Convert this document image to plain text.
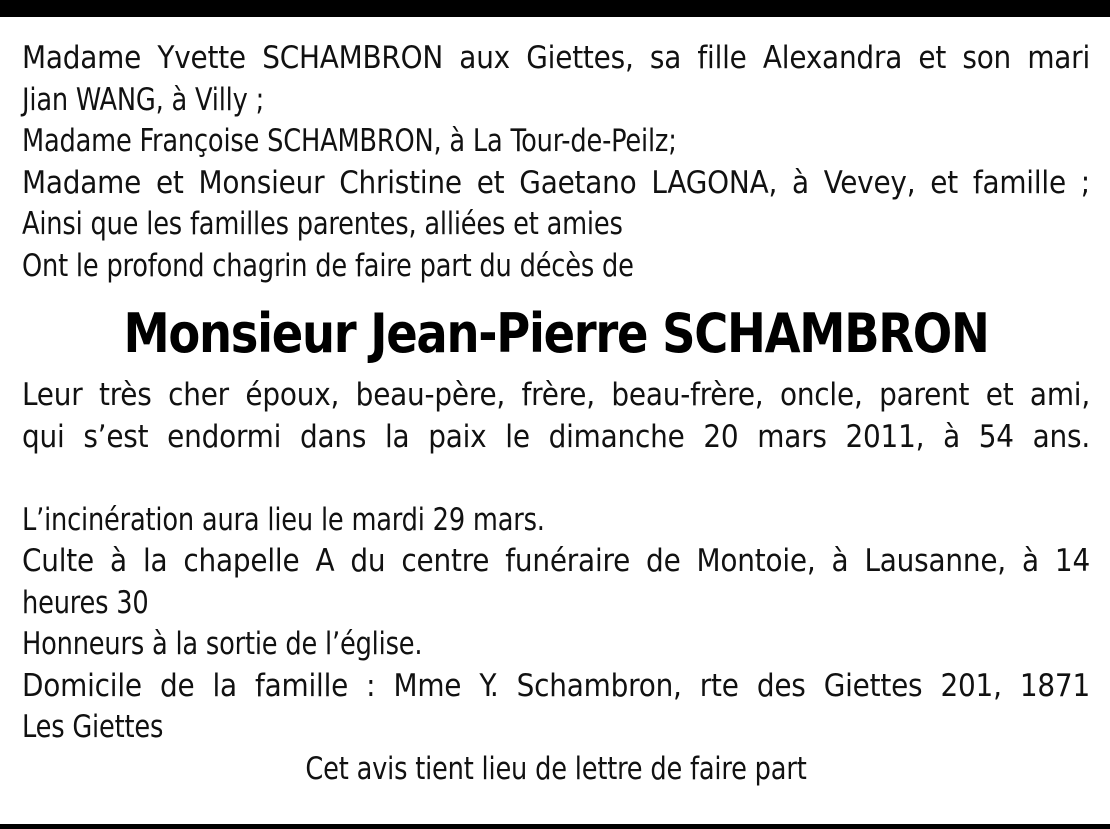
Madame Yvette SCHAMBRON aux Giettes, sa fille Alexandra et son mari
Jian WANG, à Villy ;
Madame Françoise SCHAMBRON, à La Tour-de-Peilz;
Madame et Monsieur Christine et Gaetano LAGONA, à Vevey, et famille ;
Ainsi que les familles parentes, alliées et amies
Ont le profond chagrin de faire part du décès de
Monsieur Jean-Pierre SCHAMBRON
Leur très cher époux, beau-père, frère, beau-frère, oncle, parent et ami,
qui s’est endormi dans la paix le dimanche 20 mars 2011, à 54 ans.
L’incinération aura lieu le mardi 29 mars.
Culte à la chapelle A du centre funéraire de Montoie, à Lausanne, à 14
heures 30
Honneurs à la sortie de l’église.
Domicile de la famille : Mme Y. Schambron, rte des Giettes 201, 1871
Les Giettes
Cet avis tient lieu de lettre de faire part
